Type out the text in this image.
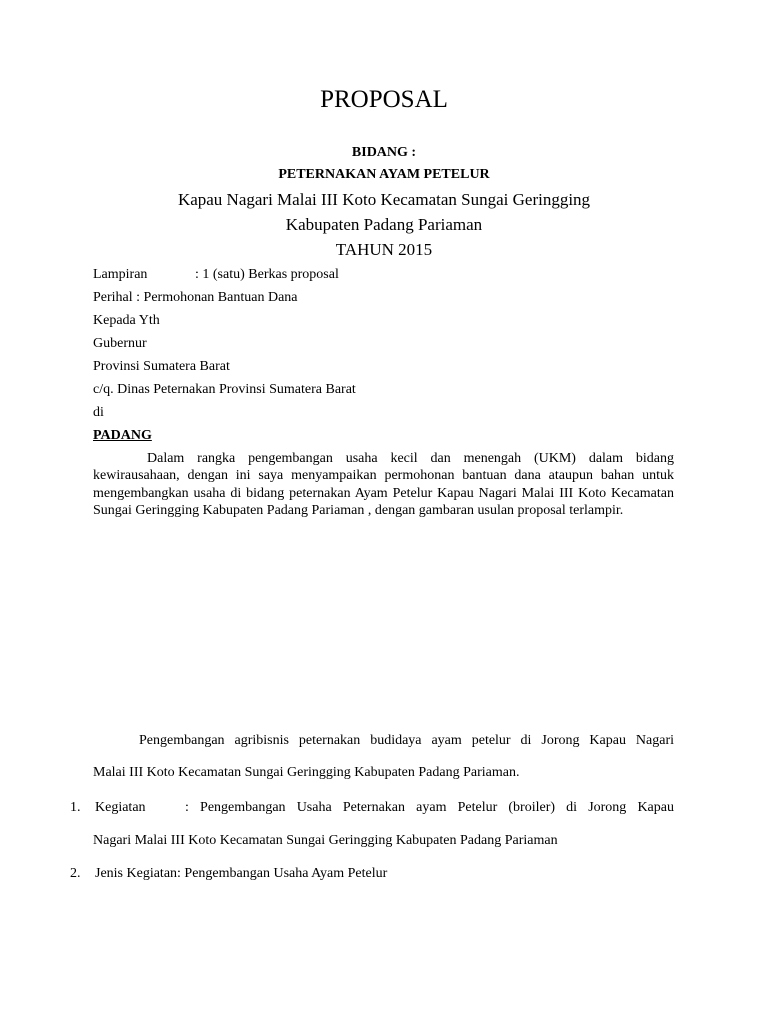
PROPOSAL
BIDANG :
PETERNAKAN AYAM PETELUR
Kapau Nagari Malai III Koto Kecamatan Sungai Geringging
Kabupaten Padang Pariaman
TAHUN 2015
Lampiran	: 1 (satu) Berkas proposal
Perihal : Permohonan Bantuan Dana
Kepada Yth
Gubernur
Provinsi Sumatera Barat
c/q. Dinas Peternakan Provinsi Sumatera Barat
di
PADANG
Dalam rangka pengembangan usaha kecil dan menengah (UKM) dalam bidang kewirausahaan, dengan ini saya menyampaikan permohonan bantuan dana ataupun bahan untuk mengembangkan usaha di bidang peternakan Ayam Petelur Kapau Nagari Malai III Koto Kecamatan Sungai Geringging Kabupaten Padang Pariaman , dengan gambaran usulan proposal terlampir.
Pengembangan agribisnis peternakan budidaya ayam petelur di Jorong Kapau Nagari
Malai III Koto Kecamatan Sungai Geringging Kabupaten Padang Pariaman.
1. Kegiatan	: Pengembangan Usaha Peternakan ayam Petelur (broiler) di Jorong Kapau
Nagari Malai III Koto Kecamatan Sungai Geringging Kabupaten Padang Pariaman
2. Jenis Kegiatan: Pengembangan Usaha Ayam Petelur
